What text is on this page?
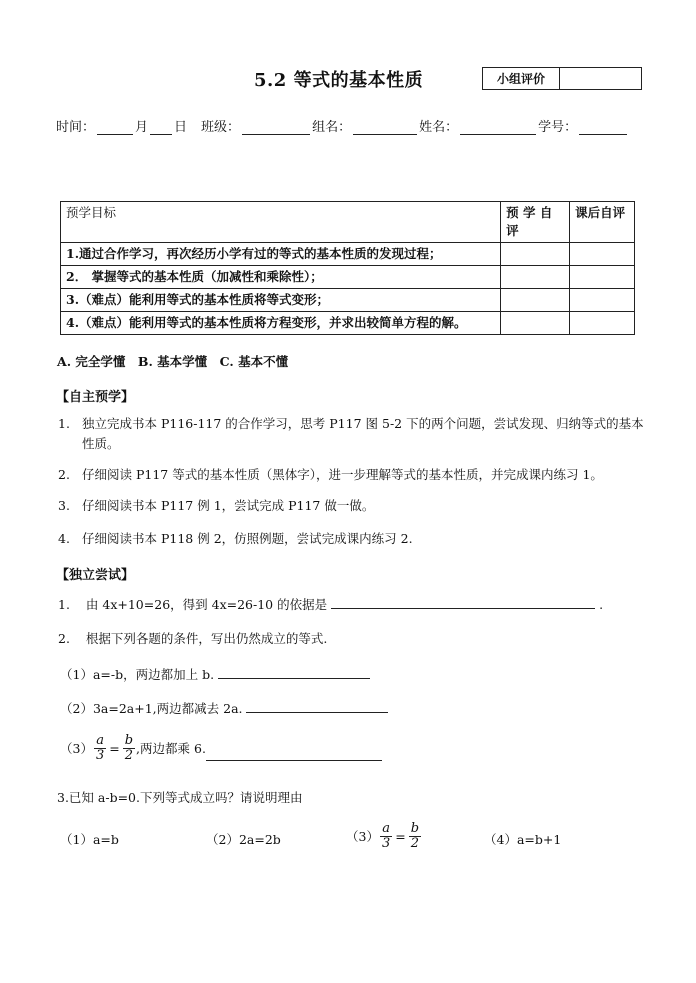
5.2 等式的基本性质	小组评价
时间：	月 日 班级：	组名：	姓名：	学号：
预学目标	预 学 自评	课后自评
1.通过合作学习，再次经历小学有过的等式的基本性质的发现过程；		
2． 掌握等式的基本性质（加减性和乘除性）；		
3.（难点）能利用等式的基本性质将等式变形；		
4.（难点）能利用等式的基本性质将方程变形，并求出较简单方程的解。		
A. 完全学懂　B. 基本学懂　C. 基本不懂
【自主预学】
1. 独立完成书本 P116-117 的合作学习，思考 P117 图 5-2 下的两个问题，尝试发现、归纳等式的基本性质。
2. 仔细阅读 P117 等式的基本性质（黑体字），进一步理解等式的基本性质，并完成课内练习 1。
3. 仔细阅读书本 P117 例 1，尝试完成 P117 做一做。
4. 仔细阅读书本 P118 例 2，仿照例题，尝试完成课内练习 2.
【独立尝试】
1. 由 4x+10=26，得到 4x=26-10 的依据是	.
2. 根据下列各题的条件，写出仍然成立的等式.
（1）a=-b，两边都加上 b.
（2）3a=2a+1,两边都减去 2a.
$(3) \frac{a}{3} = \frac{b}{2}$ ,两边都乘 6.
3.已知 a-b=0.下列等式成立吗？请说明理由
（1）a=b	（2）2a=2b	$(3) \frac{a}{3} = \frac{b}{2}$	（4）a=b+1
